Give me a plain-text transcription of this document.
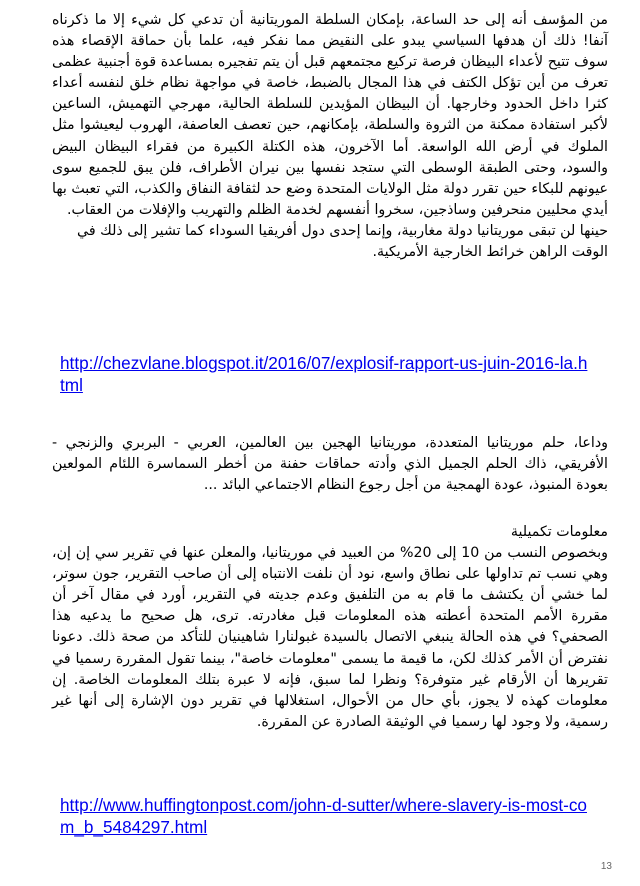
من المؤسف أنه إلى حد الساعة، بإمكان السلطة الموريتانية أن تدعي كل شيء إلا ما ذكرناه آنفا! ذلك أن هدفها السياسي يبدو على النقيض مما نفكر فيه، علما بأن حماقة الإقصاء هذه سوف تتيح لأعداء البيظان فرصة تركيع مجتمعهم قبل أن يتم تفجيره بمساعدة قوة أجنبية عظمى تعرف من أين تؤكل الكتف في هذا المجال بالضبط، خاصة في مواجهة نظام خلق لنفسه أعداء كثرا داخل الحدود وخارجها. أن البيظان المؤيدين للسلطة الحالية، مهرجي التهميش، الساعين لأكبر استفادة ممكنة من الثروة والسلطة، بإمكانهم، حين تعصف العاصفة، الهروب ليعيشوا مثل الملوك في أرض الله الواسعة. أما الآخرون، هذه الكتلة الكبيرة من فقراء البيظان البيض والسود، وحتى الطبقة الوسطى التي ستجد نفسها بين نيران الأطراف، فلن يبق للجميع سوى عيونهم للبكاء حين تقرر دولة مثل الولايات المتحدة وضع حد لثقافة النفاق والكذب، التي تعبث بها أيدي محليين منحرفين وساذجين، سخروا أنفسهم لخدمة الظلم والتهريب والإفلات من العقاب.

حينها لن تبقى موريتانيا دولة مغاربية، وإنما إحدى دول أفريقيا السوداء كما تشير إلى ذلك في الوقت الراهن خرائط الخارجية الأمريكية.

http://chezvlane.blogspot.it/2016/07/explosif-rapport-us-juin-2016-la.html

وداعا، حلم موريتانيا المتعددة، موريتانيا الهجين بين العالمين، العربي - البربري والزنجي - الأفريقي، ذاك الحلم الجميل الذي وأدته حماقات حفنة من أخطر السماسرة اللئام المولعين بعودة المنبوذ، عودة الهمجية من أجل رجوع النظام الاجتماعي البائد ...

معلومات تكميلية

وبخصوص النسب من 10 إلى 20% من العبيد في موريتانيا، والمعلن عنها في تقرير سي إن إن، وهي نسب تم تداولها على نطاق واسع، نود أن نلفت الانتباه إلى أن صاحب التقرير، جون سوتر، لما خشي أن يكتشف ما قام به من التلفيق وعدم جديته في التقرير، أورد في مقال آخر أن مقررة الأمم المتحدة أعطته هذه المعلومات قبل مغادرته. ترى، هل صحيح ما يدعيه هذا الصحفي؟ في هذه الحالة ينبغي الاتصال بالسيدة غبولنارا شاهينيان للتأكد من صحة ذلك. دعونا نفترض أن الأمر كذلك لكن، ما قيمة ما يسمى "معلومات خاصة"، بينما تقول المقررة رسميا في تقريرها أن الأرقام غير متوفرة؟ ونظرا لما سبق، فإنه لا عبرة بتلك المعلومات الخاصة. إن معلومات كهذه لا يجوز، بأي حال من الأحوال، استغلالها في تقرير دون الإشارة إلى أنها غير رسمية، ولا وجود لها رسميا في الوثيقة الصادرة عن المقررة.

http://www.huffingtonpost.com/john-d-sutter/where-slavery-is-most-com_b_5484297.html
13
